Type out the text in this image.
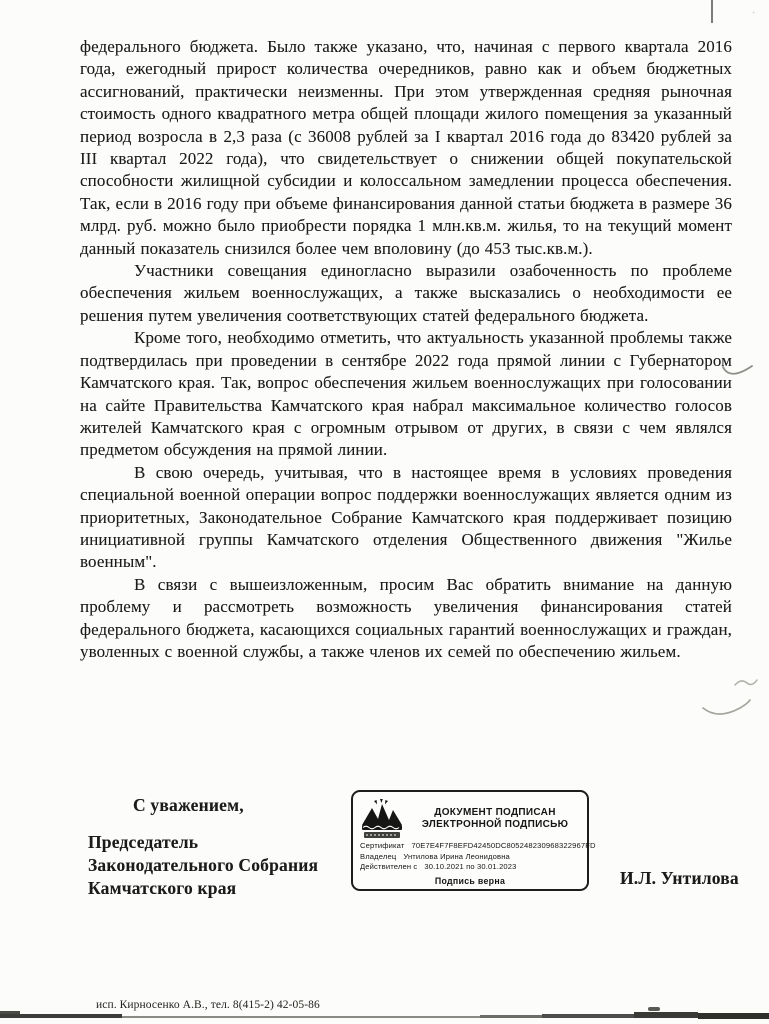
федерального бюджета. Было также указано, что, начиная с первого квартала 2016 года, ежегодный прирост количества очередников, равно как и объем бюджетных ассигнований, практически неизменны. При этом утвержденная средняя рыночная стоимость одного квадратного метра общей площади жилого помещения за указанный период возросла в 2,3 раза (с 36008 рублей за I квартал 2016 года до 83420 рублей за III квартал 2022 года), что свидетельствует о снижении общей покупательской способности жилищной субсидии и колоссальном замедлении процесса обеспечения. Так, если в 2016 году при объеме финансирования данной статьи бюджета в размере 36 млрд. руб. можно было приобрести порядка 1 млн.кв.м. жилья, то на текущий момент данный показатель снизился более чем вполовину (до 453 тыс.кв.м.).

Участники совещания единогласно выразили озабоченность по проблеме обеспечения жильем военнослужащих, а также высказались о необходимости ее решения путем увеличения соответствующих статей федерального бюджета.

Кроме того, необходимо отметить, что актуальность указанной проблемы также подтвердилась при проведении в сентябре 2022 года прямой линии с Губернатором Камчатского края. Так, вопрос обеспечения жильем военнослужащих при голосовании на сайте Правительства Камчатского края набрал максимальное количество голосов жителей Камчатского края с огромным отрывом от других, в связи с чем являлся предметом обсуждения на прямой линии.

В свою очередь, учитывая, что в настоящее время в условиях проведения специальной военной операции вопрос поддержки военнослужащих является одним из приоритетных, Законодательное Собрание Камчатского края поддерживает позицию инициативной группы Камчатского отделения Общественного движения "Жилье военным".

В связи с вышеизложенным, просим Вас обратить внимание на данную проблему и рассмотреть возможность увеличения финансирования статей федерального бюджета, касающихся социальных гарантий военнослужащих и граждан, уволенных с военной службы, а также членов их семей по обеспечению жильем.

С уважением,
Председатель
Законодательного Собрания
Камчатского края
ДОКУМЕНТ ПОДПИСАН
ЭЛЕКТРОННОЙ ПОДПИСЬЮ
Сертификат 70E7E4F7F8EFD42450DC805248230968322967FD
Владелец Унтилова Ирина Леонидовна
Действителен с 30.10.2021 по 30.01.2023
Подпись верна	И.Л. Унтилова
исп. Кирносенко А.В., тел. 8(415-2) 42-05-86
+
